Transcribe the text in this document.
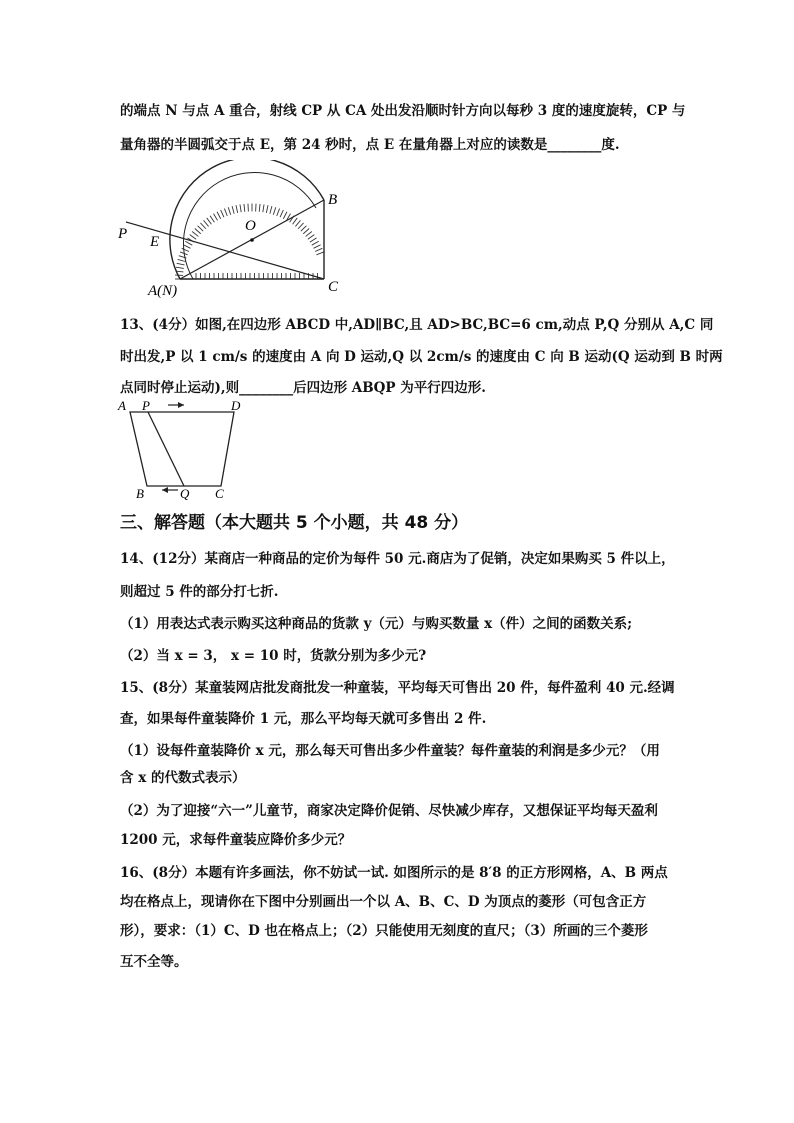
的端点 N 与点 A 重合，射线 CP 从 CA 处出发沿顺时针方向以每秒 3 度的速度旋转，CP 与
量角器的半圆弧交于点 E，第 24 秒时，点 E 在量角器上对应的读数是________度.
P E
O
B
C
A(N)
13、(4分）如图,在四边形 ABCD 中,AD∥BC,且 AD>BC,BC=6 cm,动点 P,Q 分别从 A,C 同
时出发,P 以 1 cm/s 的速度由 A 向 D 运动,Q 以 2cm/s 的速度由 C 向 B 运动(Q 运动到 B 时两
点同时停止运动),则________后四边形 ABQP 为平行四边形.
A P	D
B	Q C
三、解答题（本大题共 5 个小题，共 48 分）
14、(12分）某商店一种商品的定价为每件 50 元.商店为了促销，决定如果购买 5 件以上，
则超过 5 件的部分打七折.
（1）用表达式表示购买这种商品的货款 y（元）与购买数量 x（件）之间的函数关系;
（2）当 x = 3， x = 10 时，货款分别为多少元?
15、(8分）某童装网店批发商批发一种童装，平均每天可售出 20 件，每件盈利 40 元.经调
查，如果每件童装降价 1 元，那么平均每天就可多售出 2 件.
（1）设每件童装降价 x 元，那么每天可售出多少件童装？每件童装的利润是多少元？（用
含 x 的代数式表示）
（2）为了迎接“六一”儿童节，商家决定降价促销、尽快减少库存，又想保证平均每天盈利
1200 元，求每件童装应降价多少元？
16、(8分）本题有许多画法，你不妨试一试. 如图所示的是 8′8 的正方形网格，A、B 两点
均在格点上，现请你在下图中分别画出一个以 A、B、C、D 为顶点的菱形（可包含正方
形），要求：（1）C、D 也在格点上；（2）只能使用无刻度的直尺；（3）所画的三个菱形
互不全等。
